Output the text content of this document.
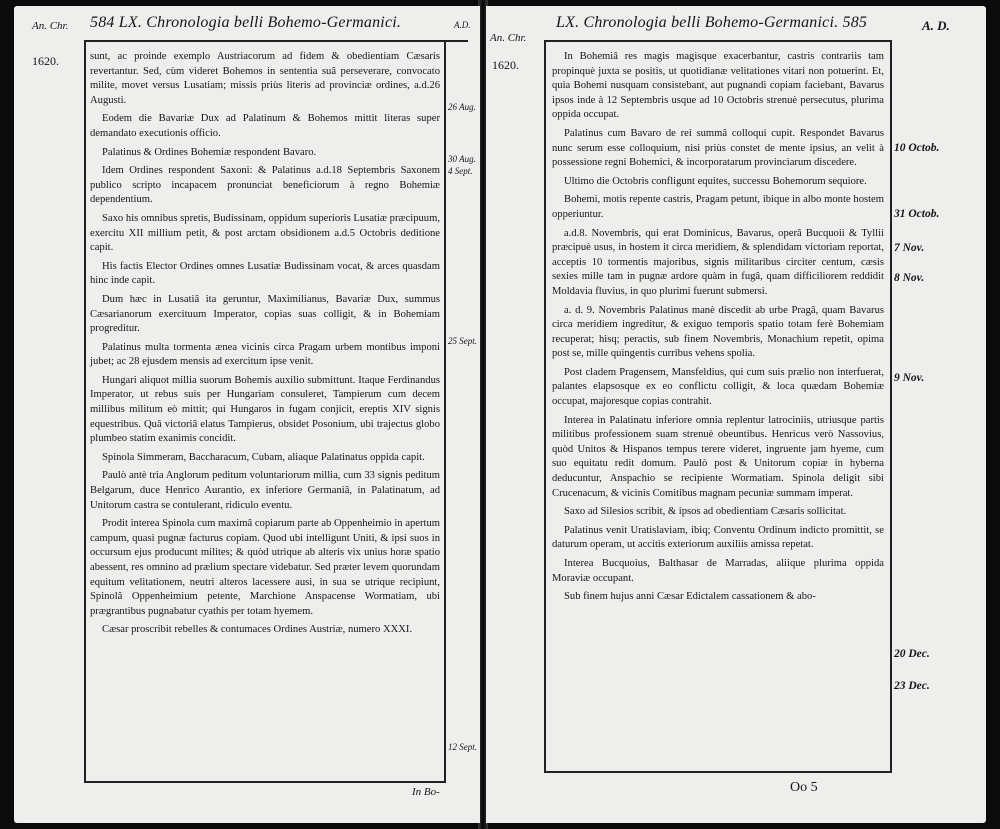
An. Chr. 584 LX. Chronologia belli Bohemo-Germanici.	A.D.
1620.	sunt, ac proinde exemplo Austriacorum ad fidem & obedientiam Cæsaris revertantur. Sed, cùm videret Bohemos in sententia suâ perseverare, convocato milite, movet versus Lusatiam; missis priùs literis ad provinciæ ordines, a.d.26 Augusti.

Eodem die Bavariæ Dux ad Palatinum & Bohemos mittit literas super demandato executionis officio.

Palatinus & Ordines Bohemiæ respondent Bavaro.

Idem Ordines respondent Saxoni: & Palatinus a.d.18 Septembris Saxonem publico scripto incapacem pronunciat beneficiorum à regno Bohemiæ dependentium.

Saxo his omnibus spretis, Budissinam, oppidum superioris Lusatiæ præcipuum, exercitu XII millium petit, & post arctam obsidionem a.d.5 Octobris deditione capit.

His factis Elector Ordines omnes Lusatiæ Budissinam vocat, & arces quasdam hinc inde capit.

Dum hæc in Lusatiâ ita geruntur, Maximilianus, Bavariæ Dux, summus Cæsarianorum exercituum Imperator, copias suas colligit, & in Bohemiam progreditur.

Palatinus multa tormenta ænea vicinis circa Pragam urbem montibus imponi jubet; ac 28 ejusdem mensis ad exercitum ipse venit.

Hungari aliquot millia suorum Bohemis auxilio submittunt. Itaque Ferdinandus Imperator, ut rebus suis per Hungariam consuleret, Tampierum cum decem millibus militum eò mittit; qui Hungaros in fugam conjicit, ereptis XIV signis equestribus. Quâ victoriâ elatus Tampierus, obsidet Posonium, ubi trajectus globo plumbeo statim exanimis concidit.

Spinola Simmeram, Baccharacum, Cubam, aliaque Palatinatus oppida capit.

Paulò antè tria Anglorum peditum voluntariorum millia, cum 33 signis peditum Belgarum, duce Henrico Aurantio, ex inferiore Germaniâ, in Palatinatum, ad Unitorum castra se contulerant, ridiculo eventu.

Prodit interea Spinola cum maximâ copiarum parte ab Oppenheimio in apertum campum, quasi pugnæ facturus copiam. Quod ubi intelligunt Uniti, & ipsi suos in occursum ejus producunt milites; & quòd utrique ab alteris vix unius horæ spatio abessent, res omnino ad prælium spectare videbatur. Sed præter levem quorundam equitum velitationem, neutri alteros lacessere ausi, in sua se utrique recipiunt, Spinolâ Oppenheimium petente, Marchione Anspacense Wormatiam, ubi prægrantibus pugnabatur cyathis per totam hyemem.

Cæsar proscribit rebelles & contumaces Ordines Austriæ, numero XXXI.

26 Aug.
30 Aug.
4 Sept.
25 Sept.
12 Sept.
In Bo-
An. Chr.
LX. Chronologia belli Bohemo-Germanici. 585	A. D.
1620.

In Bohemiâ res magis magisque exacerbantur, castris contrariis tam propinquè juxta se positis, ut quotidianæ velitationes vitari non potuerint. Et, quia Bohemi nusquam consistebant, aut pugnandi copiam faciebant, Bavarus ipsos inde à 12 Septembris usque ad 10 Octobris strenuè persecutus, plurima oppida occupat.

Palatinus cum Bavaro de rei summâ colloqui cupit. Respondet Bavarus nunc serum esse colloquium, nisi priùs constet de mente ipsius, an velit à possessione regni Bohemici, & incorporatarum provinciarum discedere.

Ultimo die Octobris confligunt equites, successu Bohemorum sequiore.

Bohemi, motis repente castris, Pragam petunt, ibique in albo monte hostem opperiuntur.

a.d.8. Novembris, qui erat Dominicus, Bavarus, operâ Bucquoii & Tyllii præcipuè usus, in hostem it circa meridiem, & splendidam victoriam reportat, acceptis 10 tormentis majoribus, signis militaribus circiter centum, cæsis sexies mille tam in pugnæ ardore quàm in fugâ, quam difficiliorem reddidit Moldavia fluvius, in quo plurimi fuerunt submersi.

a. d. 9. Novembris Palatinus manè discedit ab urbe Pragâ, quam Bavarus circa meridiem ingreditur, & exiguo temporis spatio totam ferè Bohemiam recuperat; hisq; peractis, sub finem Novembris, Monachium repetit, opima post se, mille quingentis curribus vehens spolia.

Post cladem Pragensem, Mansfeldius, qui cum suis prælio non interfuerat, palantes elapsosque ex eo conflictu colligit, & loca quædam Bohemiæ occupat, majoresque copias contrahit.

Interea in Palatinatu inferiore omnia replentur latrociniis, utriusque partis militibus professionem suam strenuè obeuntibus. Henricus verò Nassovius, quòd Unitos & Hispanos tempus terere videret, ingruente jam hyeme, cum suo equitatu redit domum. Paulò post & Unitorum copiæ in hyberna deducuntur, Anspachio se recipiente Wormatiam. Spinola deligit sibi Crucenacum, & vicinis Comitibus magnam pecuniæ summam imperat.

Saxo ad Silesios scribit, & ipsos ad obedientiam Cæsaris sollicitat.

Palatinus venit Uratislaviam, ibiq; Conventu Ordinum indicto promittit, se daturum operam, ut accitis exteriorum auxiliis amissa repetat.

Interea Bucquoius, Balthasar de Marradas, aliique plurima oppida Moraviæ occupant.

Sub finem hujus anni Cæsar Edictalem cassationem & abo-

10 Octob.
31 Octob.
7 Nov.
8 Nov.
9 Nov.
20 Dec.
23 Dec.
Oo 5
